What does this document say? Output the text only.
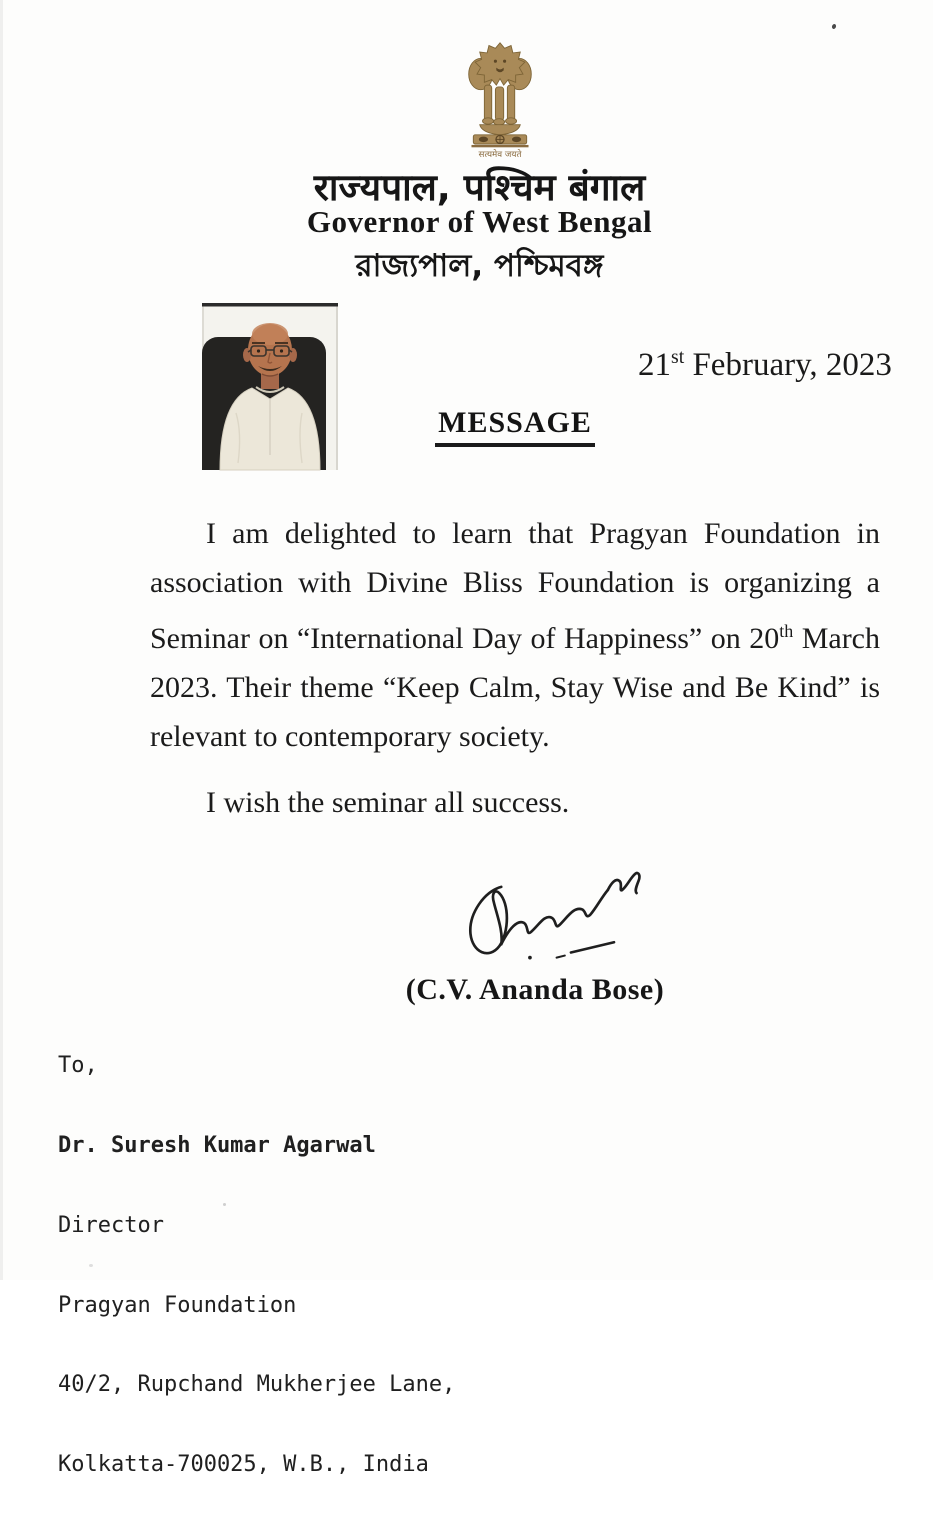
सत्यमेव जयते
राज्यपाल, पश्चिम बंगाल
Governor of West Bengal
রাজ্যপাল, পশ্চিমবঙ্গ
21st February, 2023
MESSAGE
I am delighted to learn that Pragyan Foundation in
association with Divine Bliss Foundation is organizing a
Seminar on “International Day of Happiness” on 20th March
2023. Their theme “Keep Calm, Stay Wise and Be Kind” is
relevant to contemporary society.
I wish the seminar all success.
(C.V. Ananda Bose)

To,

Dr. Suresh Kumar Agarwal

Director

Pragyan Foundation

40/2, Rupchand Mukherjee Lane,

Kolkatta-700025, W.B., India
